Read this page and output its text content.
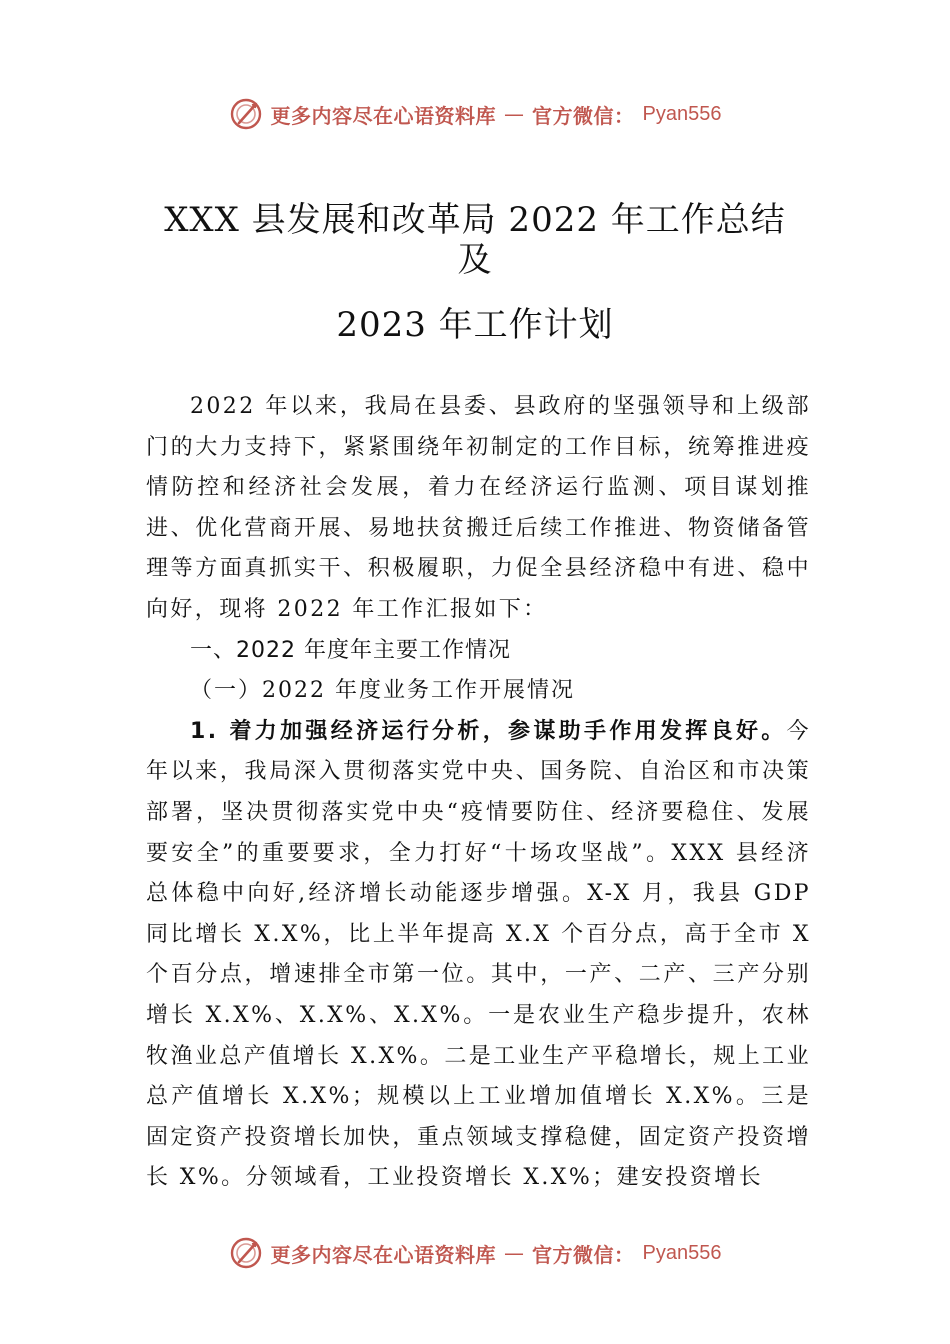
更多内容尽在心语资料库 — 官方微信： Pyan556
XXX 县发展和改革局 2022 年工作总结
及
2023 年工作计划

2022 年以来，我局在县委、县政府的坚强领导和上级部门的大力支持下，紧紧围绕年初制定的工作目标，统筹推进疫情防控和经济社会发展，着力在经济运行监测、项目谋划推进、优化营商开展、易地扶贫搬迁后续工作推进、物资储备管理等方面真抓实干、积极履职，力促全县经济稳中有进、稳中向好，现将 2022 年工作汇报如下：

一、2022 年度年主要工作情况

（一）2022 年度业务工作开展情况

1. 着力加强经济运行分析，参谋助手作用发挥良好。今年以来，我局深入贯彻落实党中央、国务院、自治区和市决策部署，坚决贯彻落实党中央“疫情要防住、经济要稳住、发展要安全”的重要要求，全力打好“十场攻坚战”。XXX 县经济总体稳中向好,经济增长动能逐步增强。X-X 月，我县 GDP 同比增长 X.X%，比上半年提高 X.X 个百分点，高于全市 X 个百分点，增速排全市第一位。其中，一产、二产、三产分别增长 X.X%、X.X%、X.X%。一是农业生产稳步提升，农林牧渔业总产值增长 X.X%。二是工业生产平稳增长，规上工业总产值增长 X.X%；规模以上工业增加值增长 X.X%。三是固定资产投资增长加快，重点领域支撑稳健，固定资产投资增长 X%。分领域看，工业投资增长 X.X%；建安投资增长

更多内容尽在心语资料库 — 官方微信： Pyan556
